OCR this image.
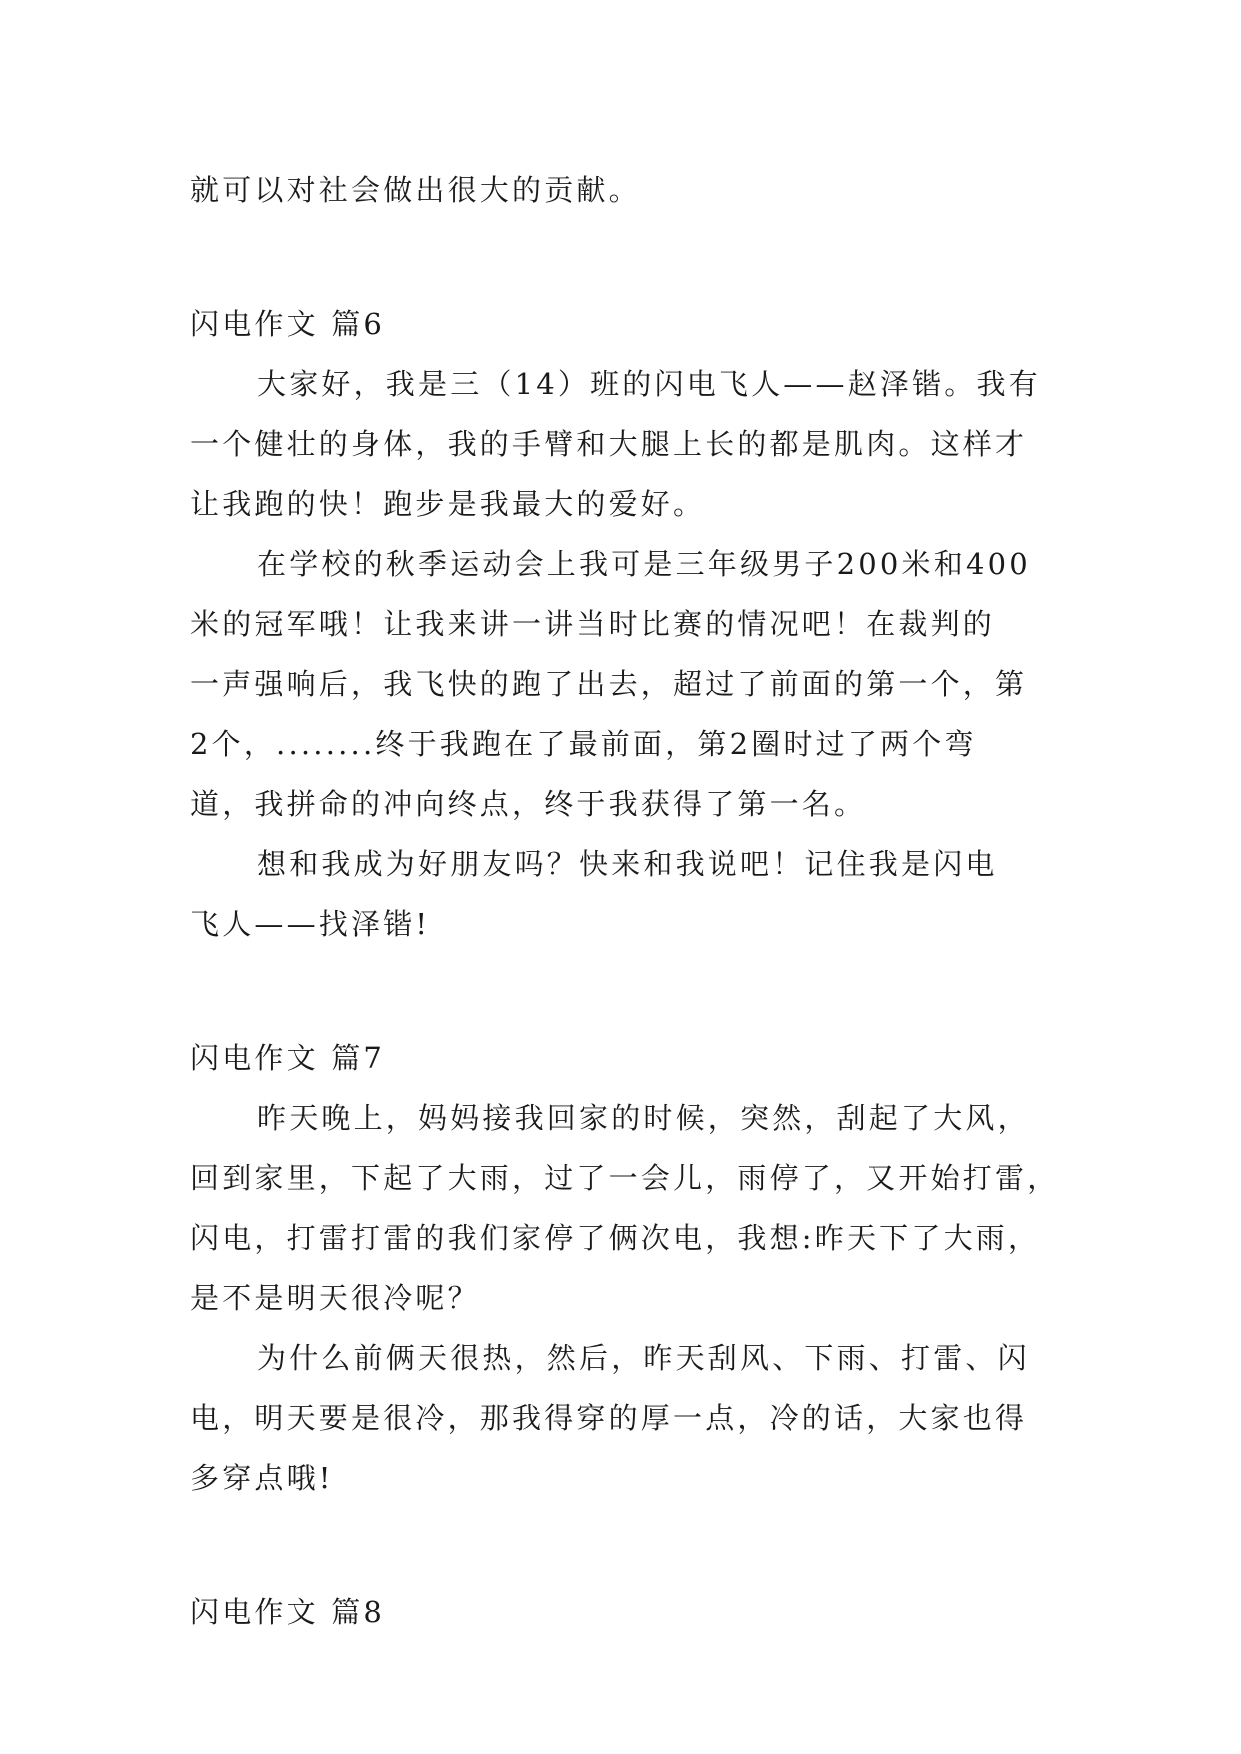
就可以对社会做出很大的贡献。
闪电作文 篇6
大家好，我是三（14）班的闪电飞人——赵泽锴。我有
一个健壮的身体，我的手臂和大腿上长的都是肌肉。这样才
让我跑的快！跑步是我最大的爱好。
在学校的秋季运动会上我可是三年级男子200米和400
米的冠军哦！让我来讲一讲当时比赛的情况吧！在裁判的
一声强响后，我飞快的跑了出去，超过了前面的第一个，第
2个，........终于我跑在了最前面，第2圈时过了两个弯
道，我拼命的冲向终点，终于我获得了第一名。
想和我成为好朋友吗？快来和我说吧！记住我是闪电
飞人——找泽锴!
闪电作文 篇7
昨天晚上，妈妈接我回家的时候，突然，刮起了大风，
回到家里，下起了大雨，过了一会儿，雨停了，又开始打雷，
闪电，打雷打雷的我们家停了俩次电，我想:昨天下了大雨，
是不是明天很冷呢？
为什么前俩天很热，然后，昨天刮风、下雨、打雷、闪
电，明天要是很冷，那我得穿的厚一点，冷的话，大家也得
多穿点哦!
闪电作文 篇8
